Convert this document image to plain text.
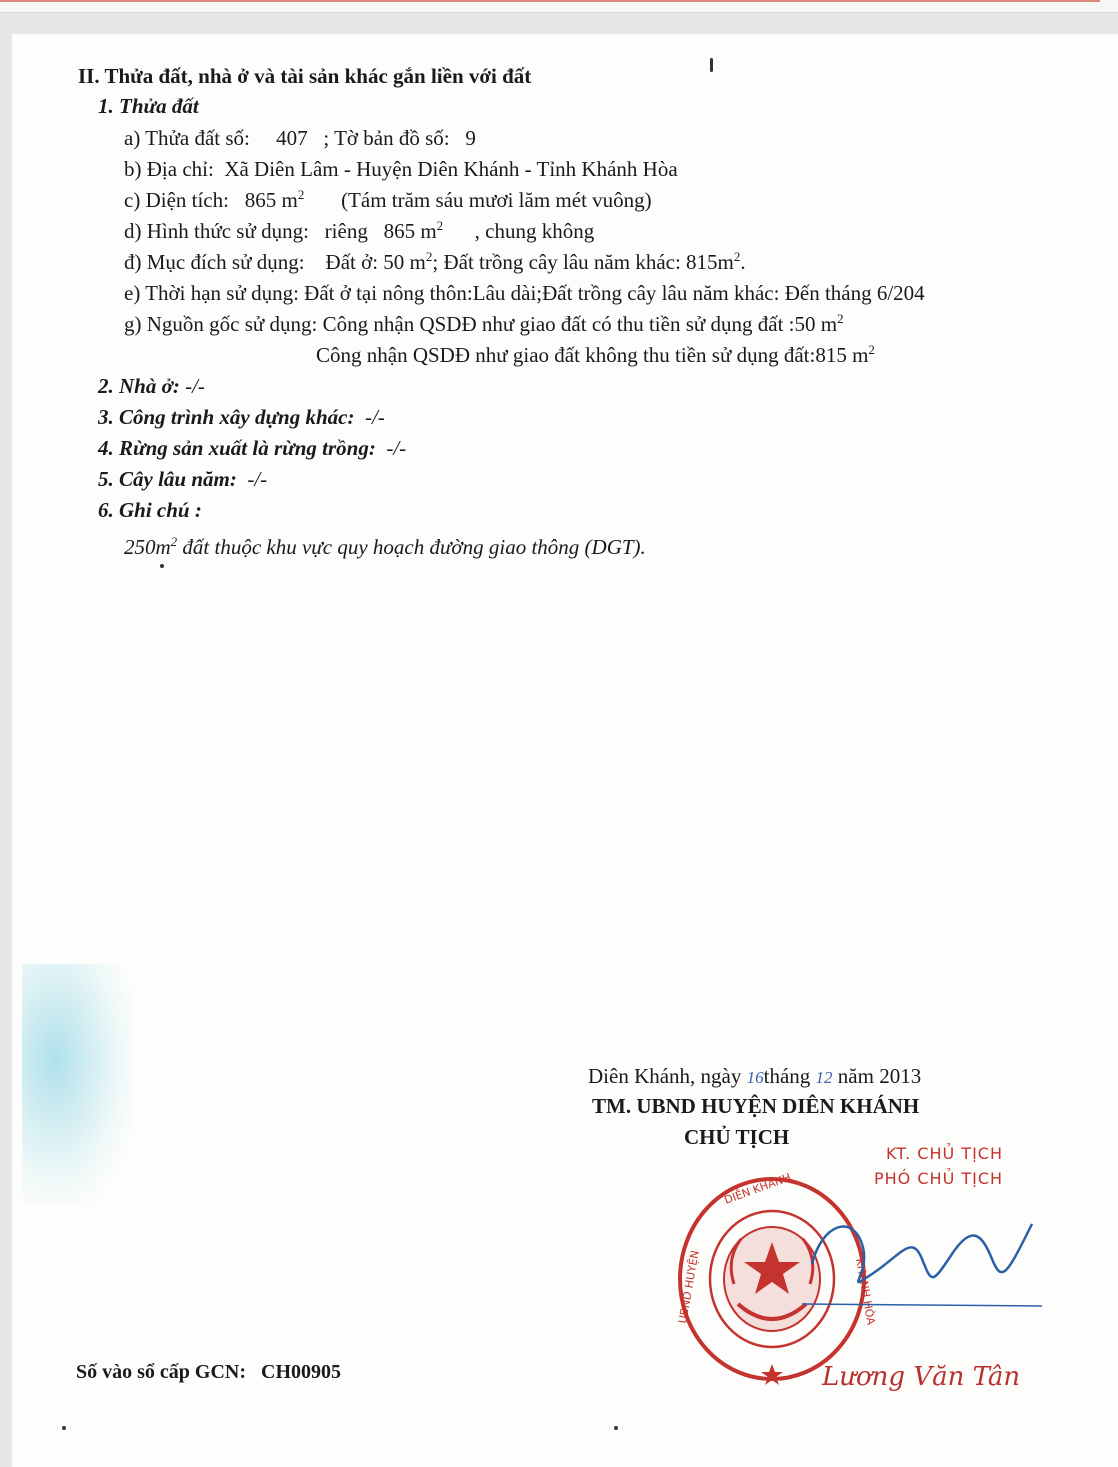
II. Thửa đất, nhà ở và tài sản khác gắn liền với đất
1. Thửa đất
a) Thửa đất số: 407 ; Tờ bản đồ số: 9
b) Địa chỉ: Xã Diên Lâm - Huyện Diên Khánh - Tỉnh Khánh Hòa
c) Diện tích: 865 $m^2$ (Tám trăm sáu mươi lăm mét vuông)
d) Hình thức sử dụng: riêng 865 $m^2$ , chung không
đ) Mục đích sử dụng: Đất ở: 50 $m^2$; Đất trồng cây lâu năm khác: $815m^2$.
e) Thời hạn sử dụng: Đất ở tại nông thôn:Lâu dài;Đất trồng cây lâu năm khác: Đến tháng 6/204
g) Nguồn gốc sử dụng: Công nhận QSDĐ như giao đất có thu tiền sử dụng đất :50 $m^2$
Công nhận QSDĐ như giao đất không thu tiền sử dụng đất:815 $m^2$
2. Nhà ở: -/-
3. Công trình xây dựng khác: -/-
4. Rừng sản xuất là rừng trồng: -/-
5. Cây lâu năm: -/-
6. Ghi chú :
$250m^2$ đất thuộc khu vực quy hoạch đường giao thông (DGT).
Diên Khánh, ngày 16tháng 12 năm 2013
TM. UBND HUYỆN DIÊN KHÁNH
CHỦ TỊCH
KT. CHỦ TỊCH
PHÓ CHỦ TỊCH
DIÊN KHÁNH
UBND HUYỆN	KHÁNH HÒA
Lương Văn Tân
Số vào sổ cấp GCN: CH00905
